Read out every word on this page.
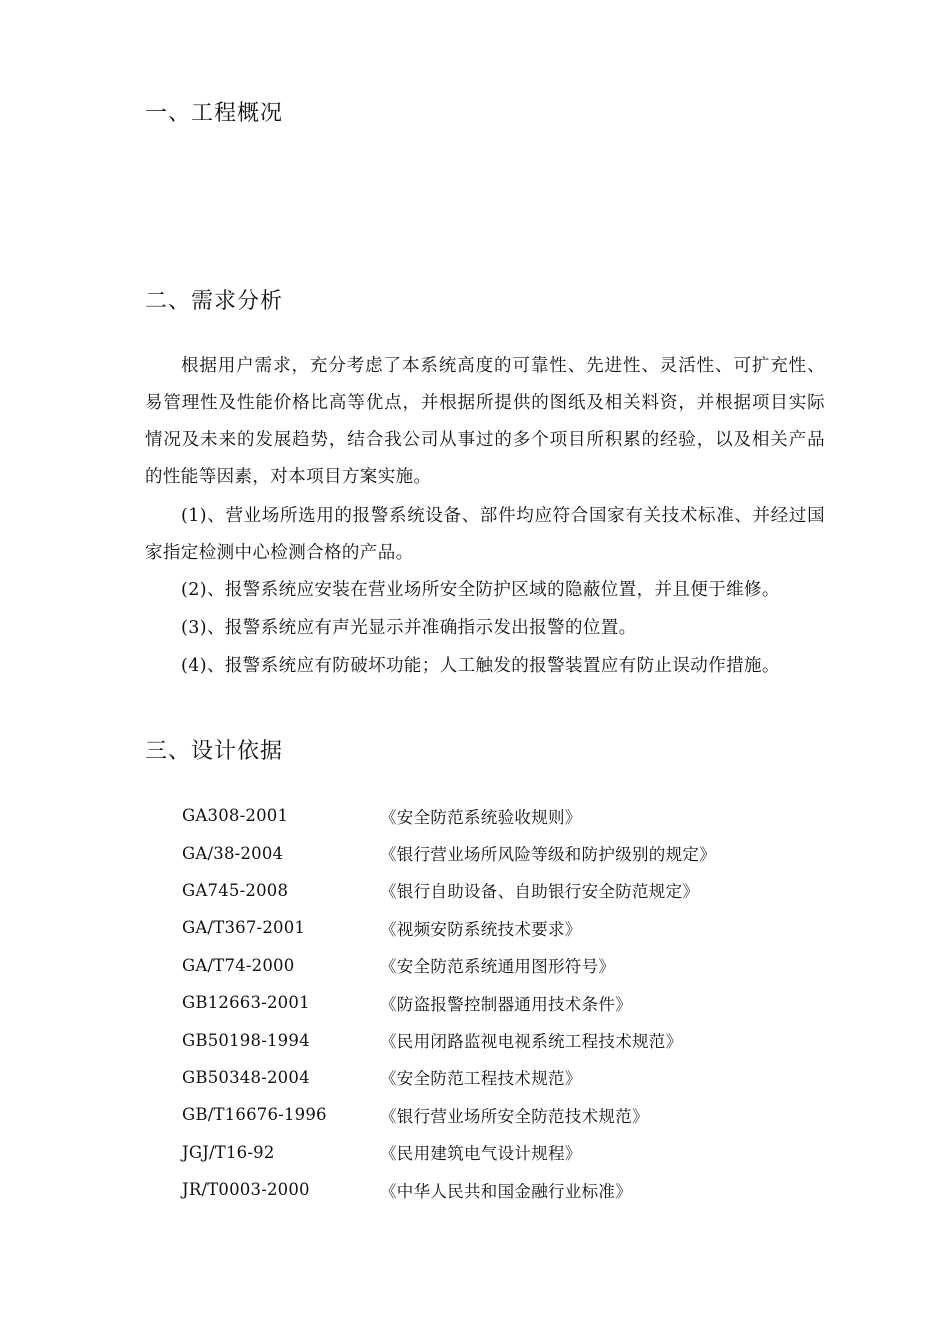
一、工程概况
二、需求分析

根据用户需求，充分考虑了本系统高度的可靠性、先进性、灵活性、可扩充性、易管理性及性能价格比高等优点，并根据所提供的图纸及相关料资，并根据项目实际情况及未来的发展趋势，结合我公司从事过的多个项目所积累的经验，以及相关产品的性能等因素，对本项目方案实施。

(1)、营业场所选用的报警系统设备、部件均应符合国家有关技术标准、并经过国家指定检测中心检测合格的产品。

(2)、报警系统应安装在营业场所安全防护区域的隐蔽位置，并且便于维修。

(3)、报警系统应有声光显示并准确指示发出报警的位置。

(4)、报警系统应有防破坏功能；人工触发的报警装置应有防止误动作措施。

三、设计依据
GA308-2001	《安全防范系统验收规则》
GA/38-2004	《银行营业场所风险等级和防护级别的规定》
GA745-2008	《银行自助设备、自助银行安全防范规定》
GA/T367-2001	《视频安防系统技术要求》
GA/T74-2000	《安全防范系统通用图形符号》
GB12663-2001	《防盗报警控制器通用技术条件》
GB50198-1994	《民用闭路监视电视系统工程技术规范》
GB50348-2004	《安全防范工程技术规范》
GB/T16676-1996	《银行营业场所安全防范技术规范》
JGJ/T16-92	《民用建筑电气设计规程》
JR/T0003-2000	《中华人民共和国金融行业标准》
